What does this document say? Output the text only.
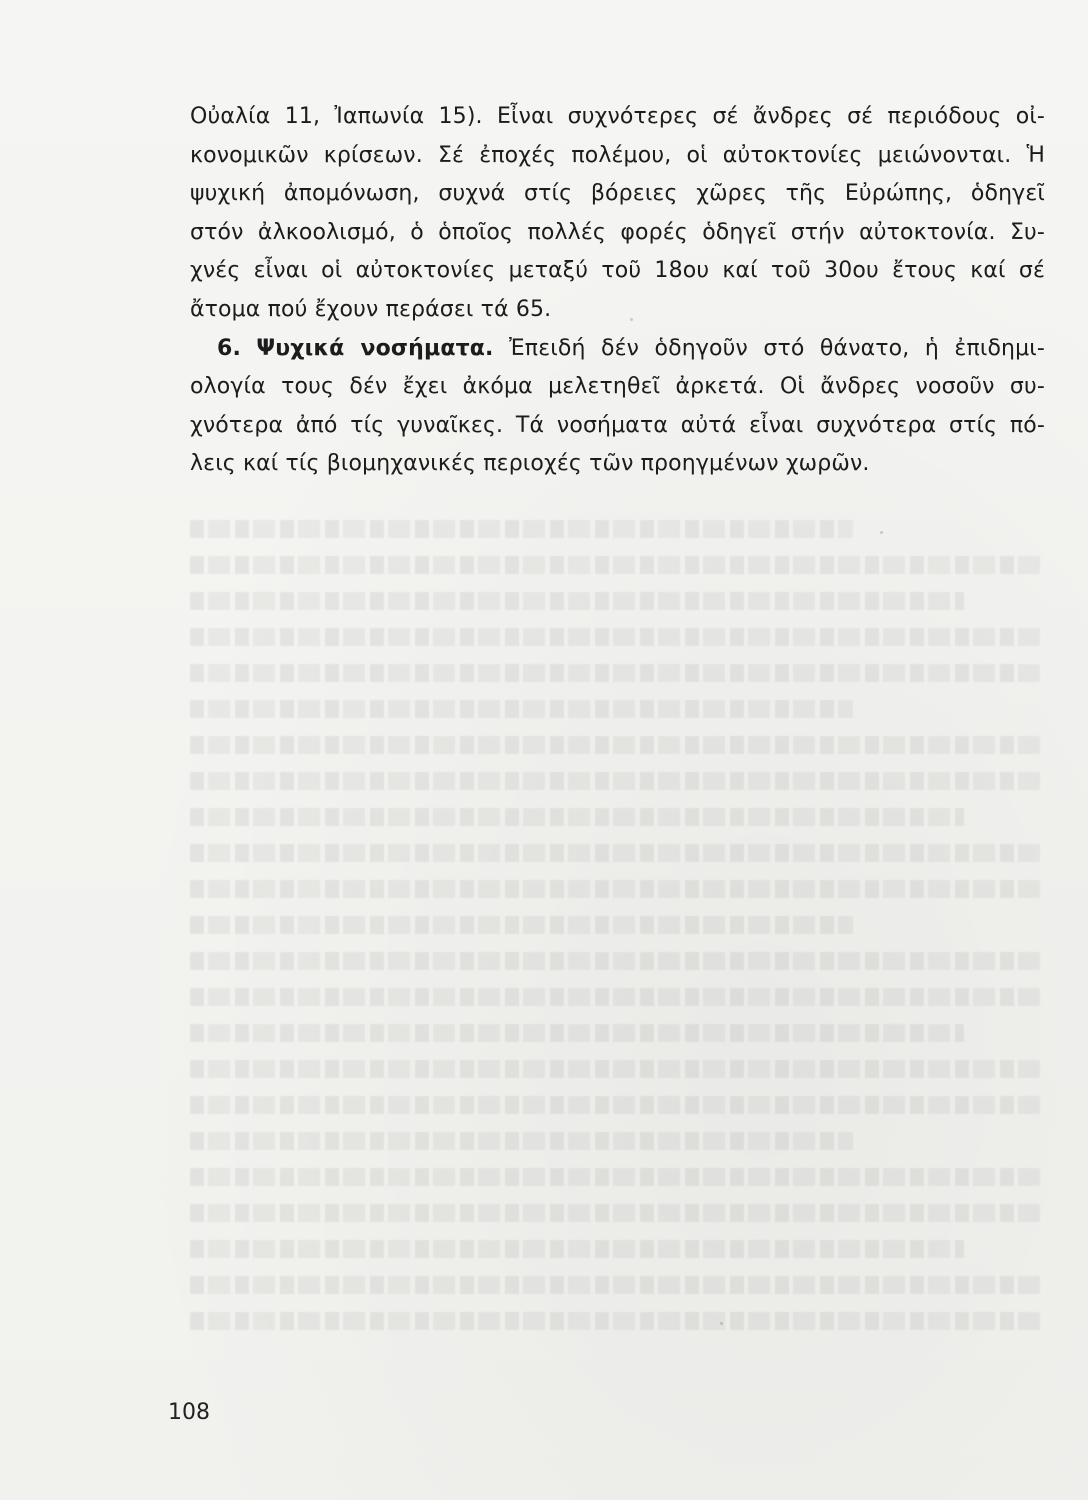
Οὐαλία 11, Ἰαπωνία 15). Εἶναι συχνότερες σέ ἄνδρες σέ περιόδους οἰ-
κονομικῶν κρίσεων. Σέ ἐποχές πολέμου, οἱ αὐτοκτονίες μειώνονται. Ἡ
ψυχική ἀπομόνωση, συχνά στίς βόρειες χῶρες τῆς Εὐρώπης, ὁδηγεῖ
στόν ἀλκοολισμό, ὁ ὁποῖος πολλές φορές ὁδηγεῖ στήν αὐτοκτονία. Συ-
χνές εἶναι οἱ αὐτοκτονίες μεταξύ τοῦ 18ου καί τοῦ 30ου ἔτους καί σέ
ἄτομα πού ἔχουν περάσει τά 65.
6. Ψυχικά νοσήματα. Ἐπειδή δέν ὁδηγοῦν στό θάνατο, ἡ ἐπιδημι-
ολογία τους δέν ἔχει ἀκόμα μελετηθεῖ ἀρκετά. Οἱ ἄνδρες νοσοῦν συ-
χνότερα ἀπό τίς γυναῖκες. Τά νοσήματα αὐτά εἶναι συχνότερα στίς πό-
λεις καί τίς βιομηχανικές περιοχές τῶν προηγμένων χωρῶν.
108
